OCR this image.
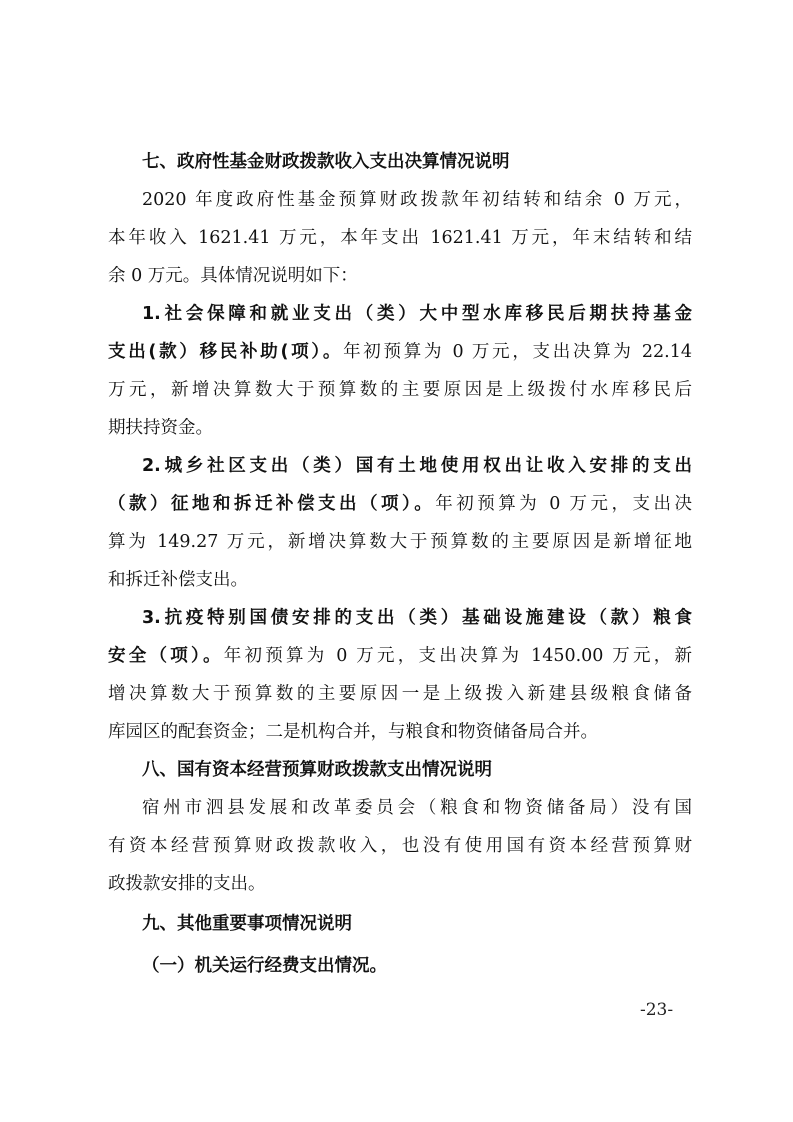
七、政府性基金财政拨款收入支出决算情况说明
2020 年度政府性基金预算财政拨款年初结转和结余 0 万元，
本年收入 1621.41 万元，本年支出 1621.41 万元，年末结转和结
余 0 万元。具体情况说明如下：
1.社会保障和就业支出（类）大中型水库移民后期扶持基金
支出(款）移民补助(项）。年初预算为 0 万元，支出决算为 22.14
万元，新增决算数大于预算数的主要原因是上级拨付水库移民后
期扶持资金。
2.城乡社区支出（类）国有土地使用权出让收入安排的支出
（款）征地和拆迁补偿支出（项）。年初预算为 0 万元，支出决
算为 149.27 万元，新增决算数大于预算数的主要原因是新增征地
和拆迁补偿支出。
3.抗疫特别国债安排的支出（类）基础设施建设（款）粮食
安全（项）。年初预算为 0 万元，支出决算为 1450.00 万元，新
增决算数大于预算数的主要原因一是上级拨入新建县级粮食储备
库园区的配套资金；二是机构合并，与粮食和物资储备局合并。
八、国有资本经营预算财政拨款支出情况说明
宿州市泗县发展和改革委员会（粮食和物资储备局）没有国
有资本经营预算财政拨款收入，也没有使用国有资本经营预算财
政拨款安排的支出。
九、其他重要事项情况说明
（一）机关运行经费支出情况。
-23-
